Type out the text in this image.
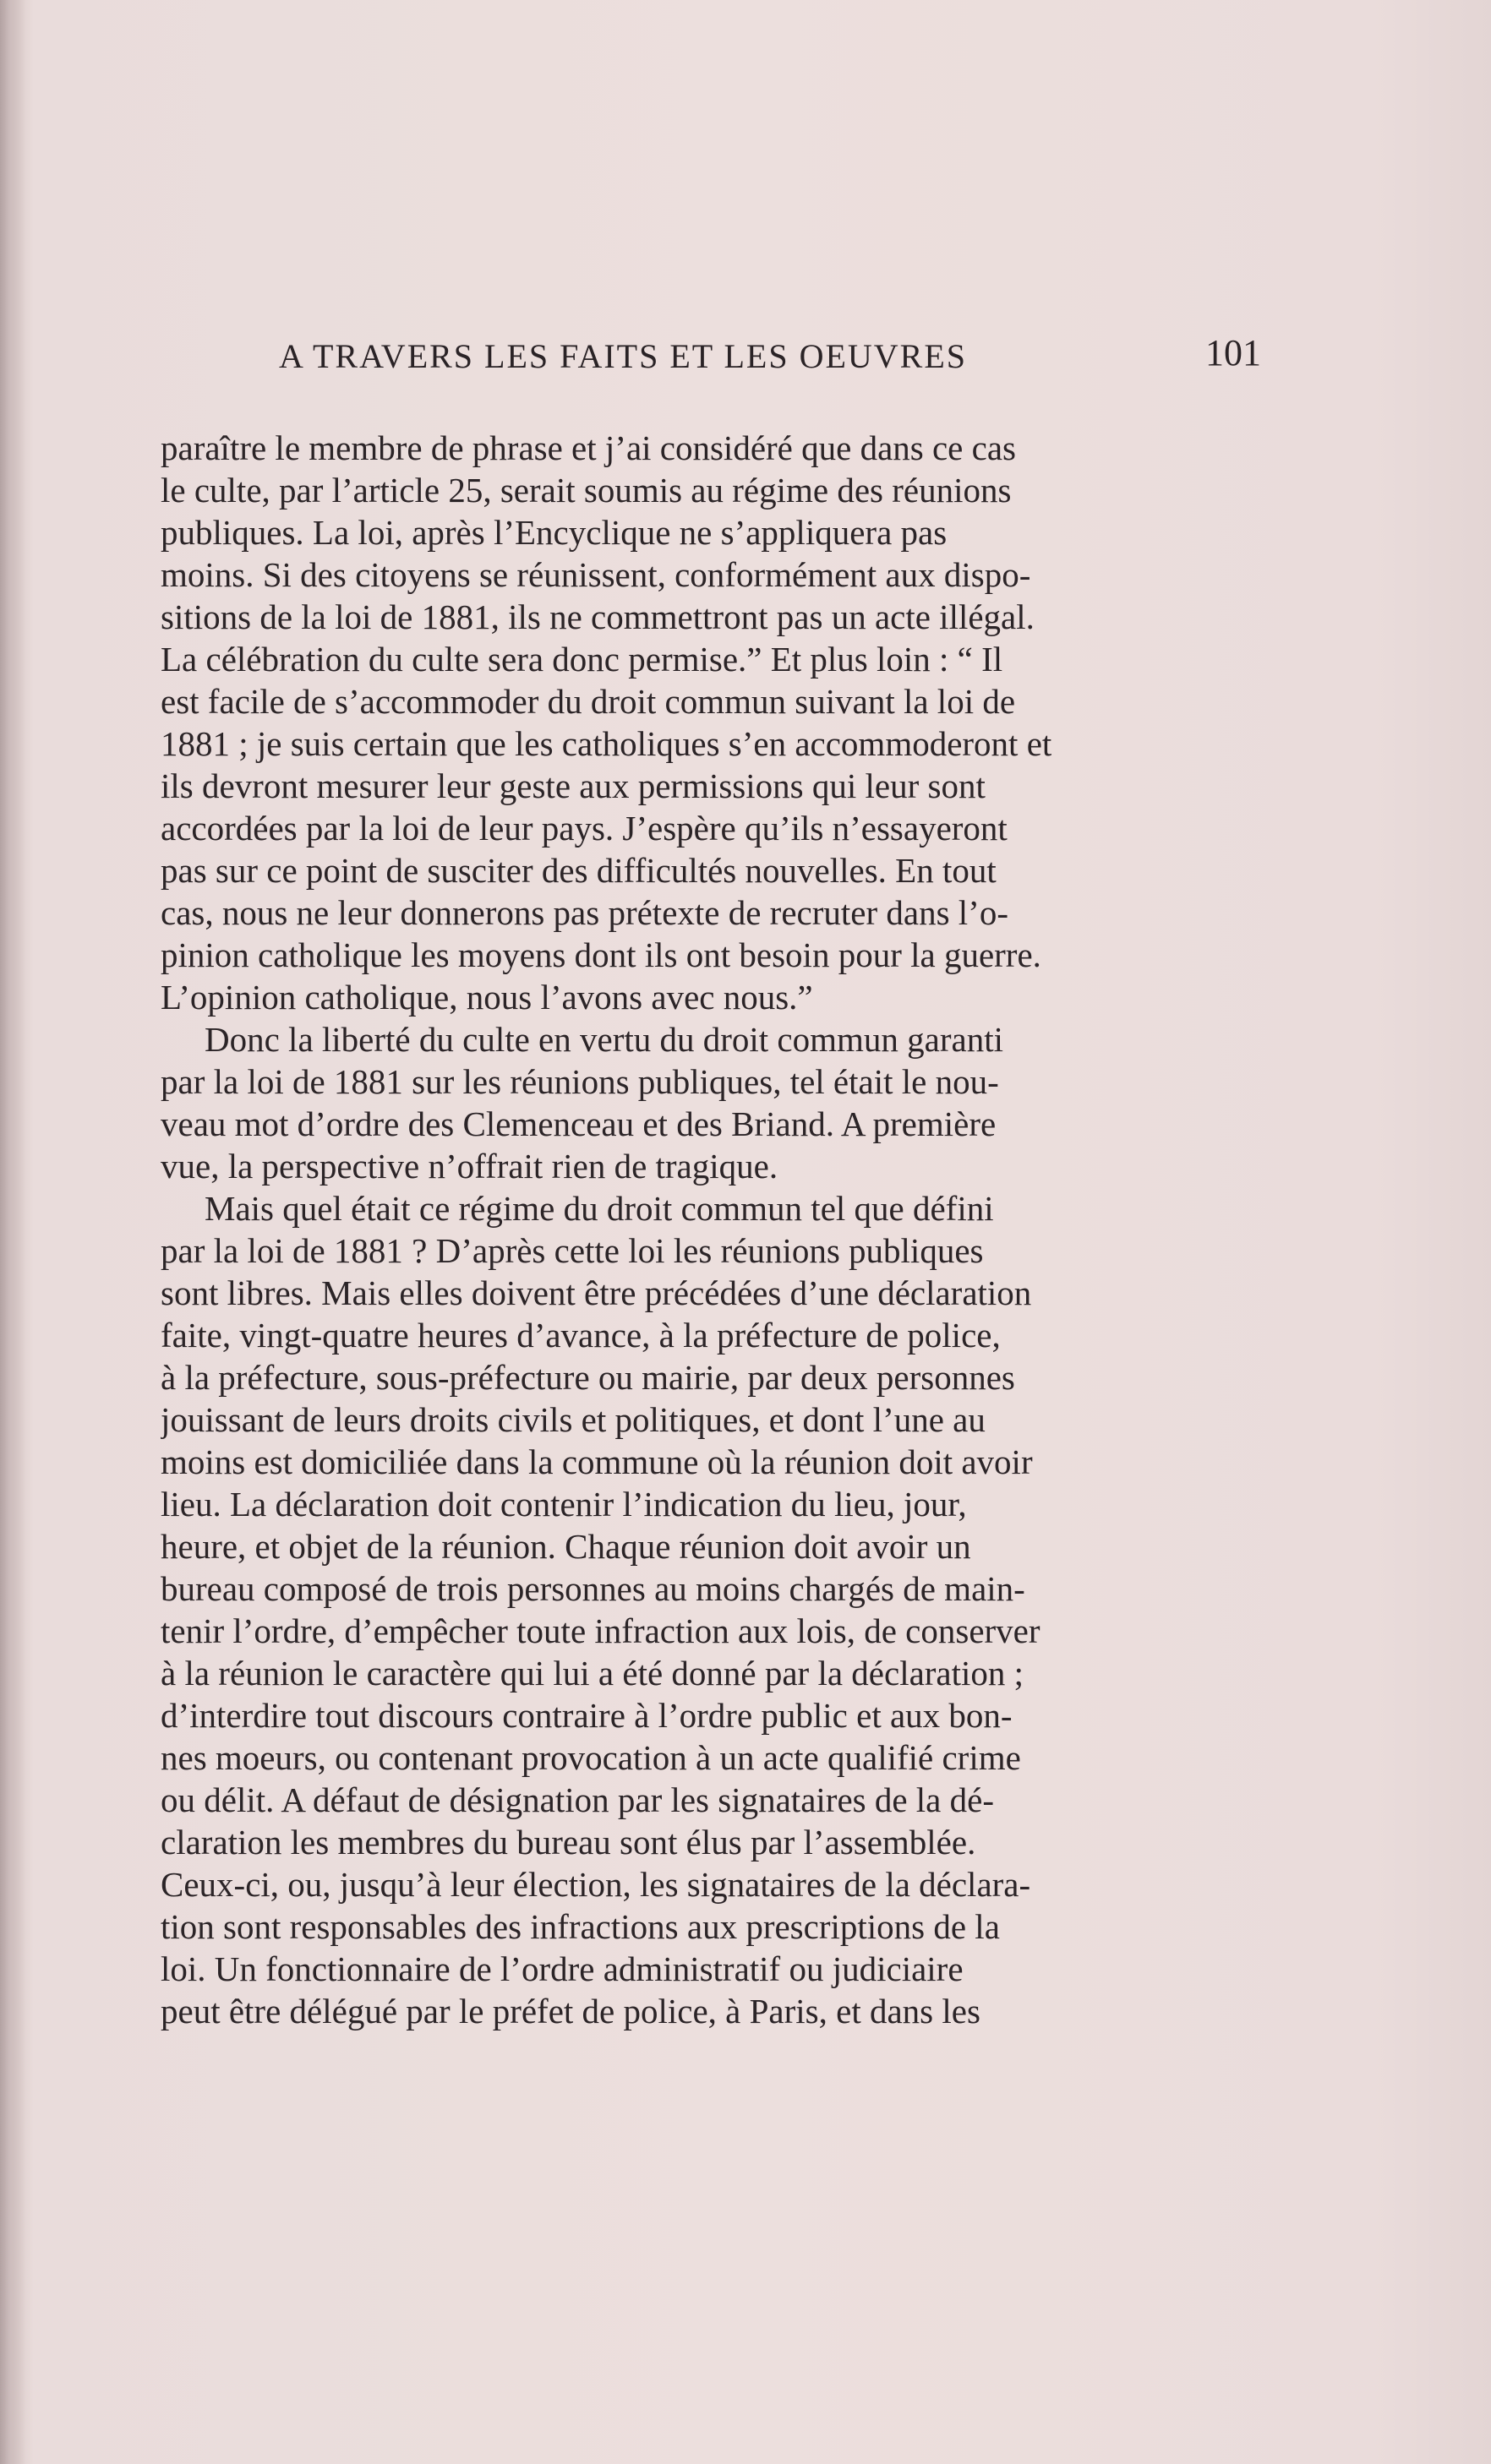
A TRAVERS LES FAITS ET LES OEUVRES	101
paraître le membre de phrase et j’ai considéré que dans ce cas
le culte, par l’article 25, serait soumis au régime des réunions
publiques. La loi, après l’Encyclique ne s’appliquera pas
moins. Si des citoyens se réunissent, conformément aux dispo-
sitions de la loi de 1881, ils ne commettront pas un acte illégal.
La célébration du culte sera donc permise.” Et plus loin : “ Il
est facile de s’accommoder du droit commun suivant la loi de
1881 ; je suis certain que les catholiques s’en accommoderont et
ils devront mesurer leur geste aux permissions qui leur sont
accordées par la loi de leur pays. J’espère qu’ils n’essayeront
pas sur ce point de susciter des difficultés nouvelles. En tout
cas, nous ne leur donnerons pas prétexte de recruter dans l’o-
pinion catholique les moyens dont ils ont besoin pour la guerre.
L’opinion catholique, nous l’avons avec nous.”
Donc la liberté du culte en vertu du droit commun garanti
par la loi de 1881 sur les réunions publiques, tel était le nou-
veau mot d’ordre des Clemenceau et des Briand. A première
vue, la perspective n’offrait rien de tragique.
Mais quel était ce régime du droit commun tel que défini
par la loi de 1881 ? D’après cette loi les réunions publiques
sont libres. Mais elles doivent être précédées d’une déclaration
faite, vingt-quatre heures d’avance, à la préfecture de police,
à la préfecture, sous-préfecture ou mairie, par deux personnes
jouissant de leurs droits civils et politiques, et dont l’une au
moins est domiciliée dans la commune où la réunion doit avoir
lieu. La déclaration doit contenir l’indication du lieu, jour,
heure, et objet de la réunion. Chaque réunion doit avoir un
bureau composé de trois personnes au moins chargés de main-
tenir l’ordre, d’empêcher toute infraction aux lois, de conserver
à la réunion le caractère qui lui a été donné par la déclaration ;
d’interdire tout discours contraire à l’ordre public et aux bon-
nes moeurs, ou contenant provocation à un acte qualifié crime
ou délit. A défaut de désignation par les signataires de la dé-
claration les membres du bureau sont élus par l’assemblée.
Ceux-ci, ou, jusqu’à leur élection, les signataires de la déclara-
tion sont responsables des infractions aux prescriptions de la
loi. Un fonctionnaire de l’ordre administratif ou judiciaire
peut être délégué par le préfet de police, à Paris, et dans les
